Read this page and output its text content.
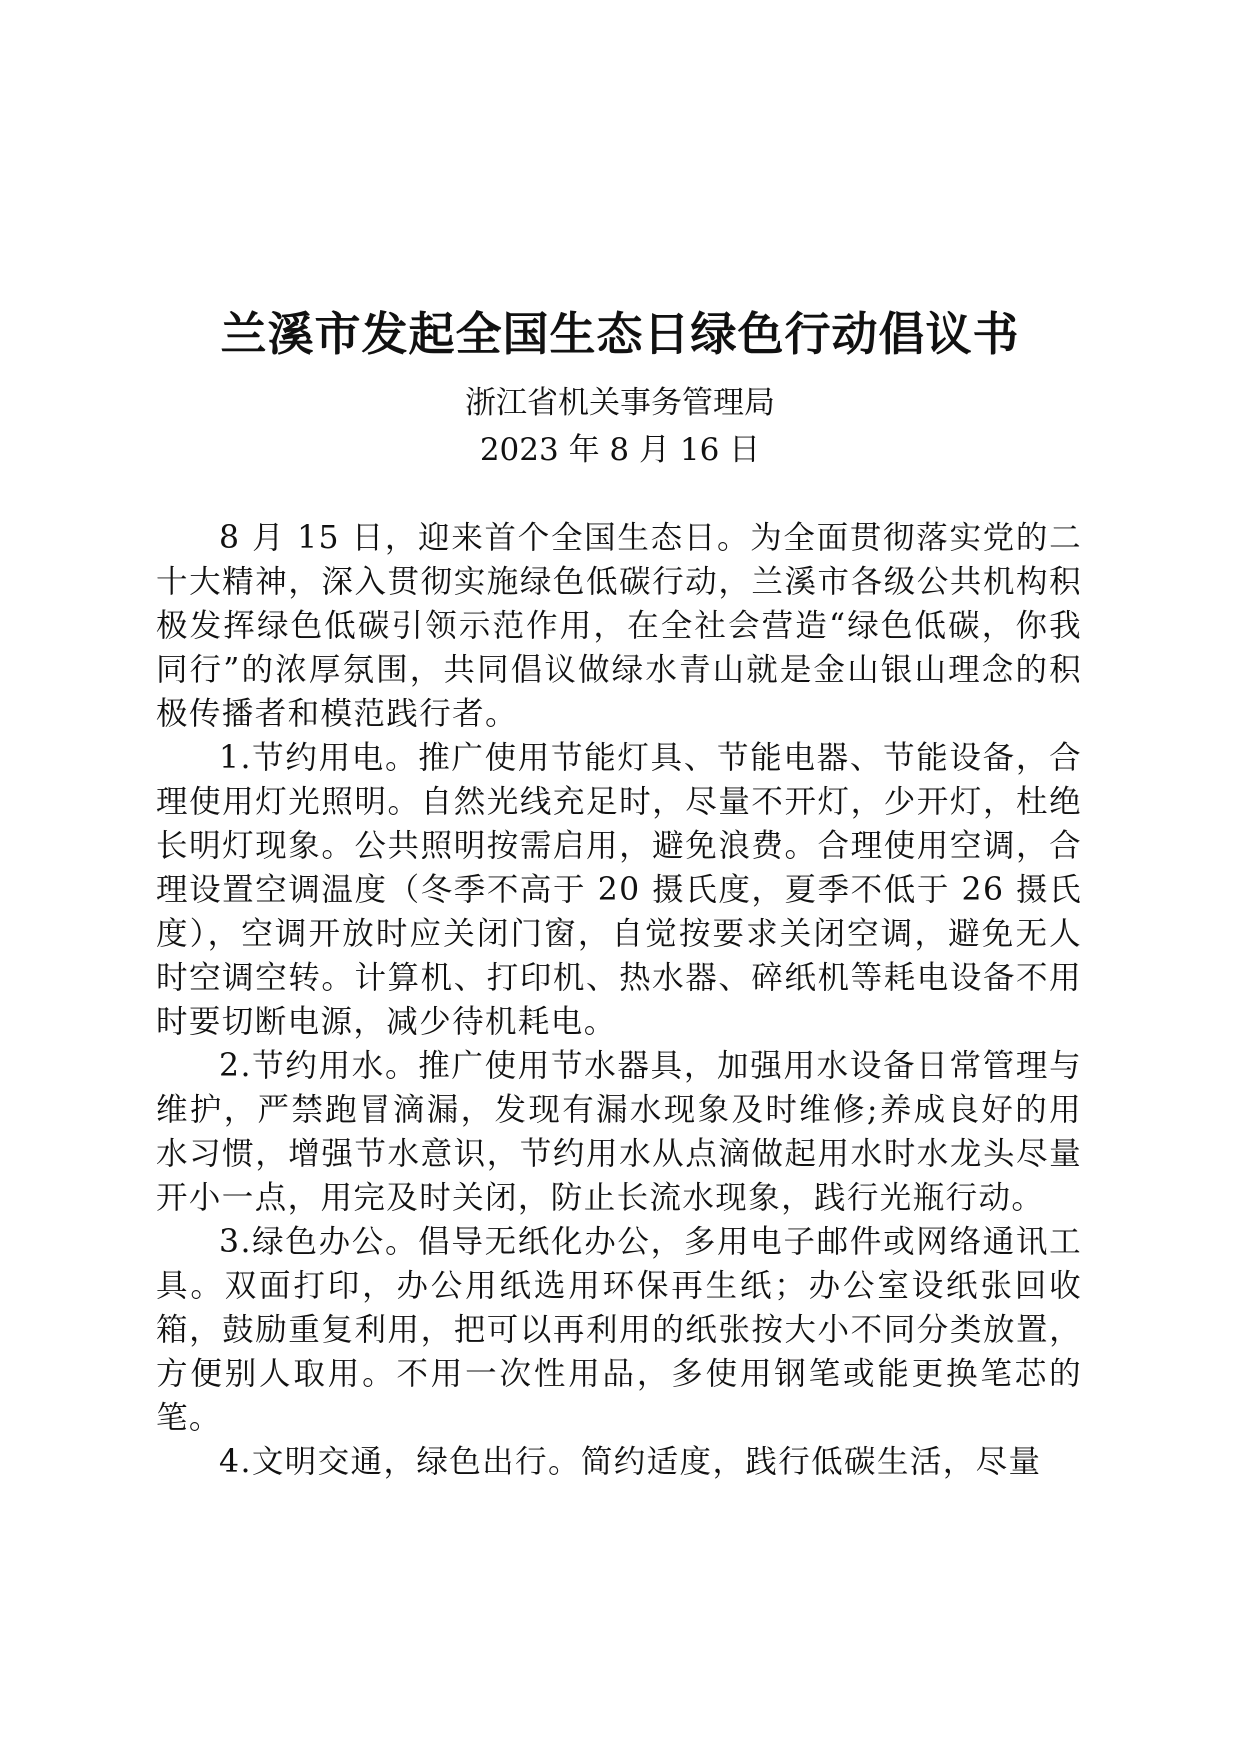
兰溪市发起全国生态日绿色行动倡议书
浙江省机关事务管理局
2023 年 8 月 16 日

8 月 15 日，迎来首个全国生态日。为全面贯彻落实党的二十大精神，深入贯彻实施绿色低碳行动，兰溪市各级公共机构积极发挥绿色低碳引领示范作用，在全社会营造“绿色低碳，你我同行”的浓厚氛围，共同倡议做绿水青山就是金山银山理念的积极传播者和模范践行者。

1.节约用电。推广使用节能灯具、节能电器、节能设备，合理使用灯光照明。自然光线充足时，尽量不开灯，少开灯，杜绝长明灯现象。公共照明按需启用，避免浪费。合理使用空调，合理设置空调温度（冬季不高于 20 摄氏度，夏季不低于 26 摄氏度），空调开放时应关闭门窗，自觉按要求关闭空调，避免无人时空调空转。计算机、打印机、热水器、碎纸机等耗电设备不用时要切断电源，减少待机耗电。

2.节约用水。推广使用节水器具，加强用水设备日常管理与维护，严禁跑冒滴漏，发现有漏水现象及时维修;养成良好的用水习惯，增强节水意识，节约用水从点滴做起用水时水龙头尽量开小一点，用完及时关闭，防止长流水现象，践行光瓶行动。

3.绿色办公。倡导无纸化办公，多用电子邮件或网络通讯工具。双面打印，办公用纸选用环保再生纸；办公室设纸张回收箱，鼓励重复利用，把可以再利用的纸张按大小不同分类放置，方便别人取用。不用一次性用品，多使用钢笔或能更换笔芯的笔。

4.文明交通，绿色出行。简约适度，践行低碳生活，尽量
